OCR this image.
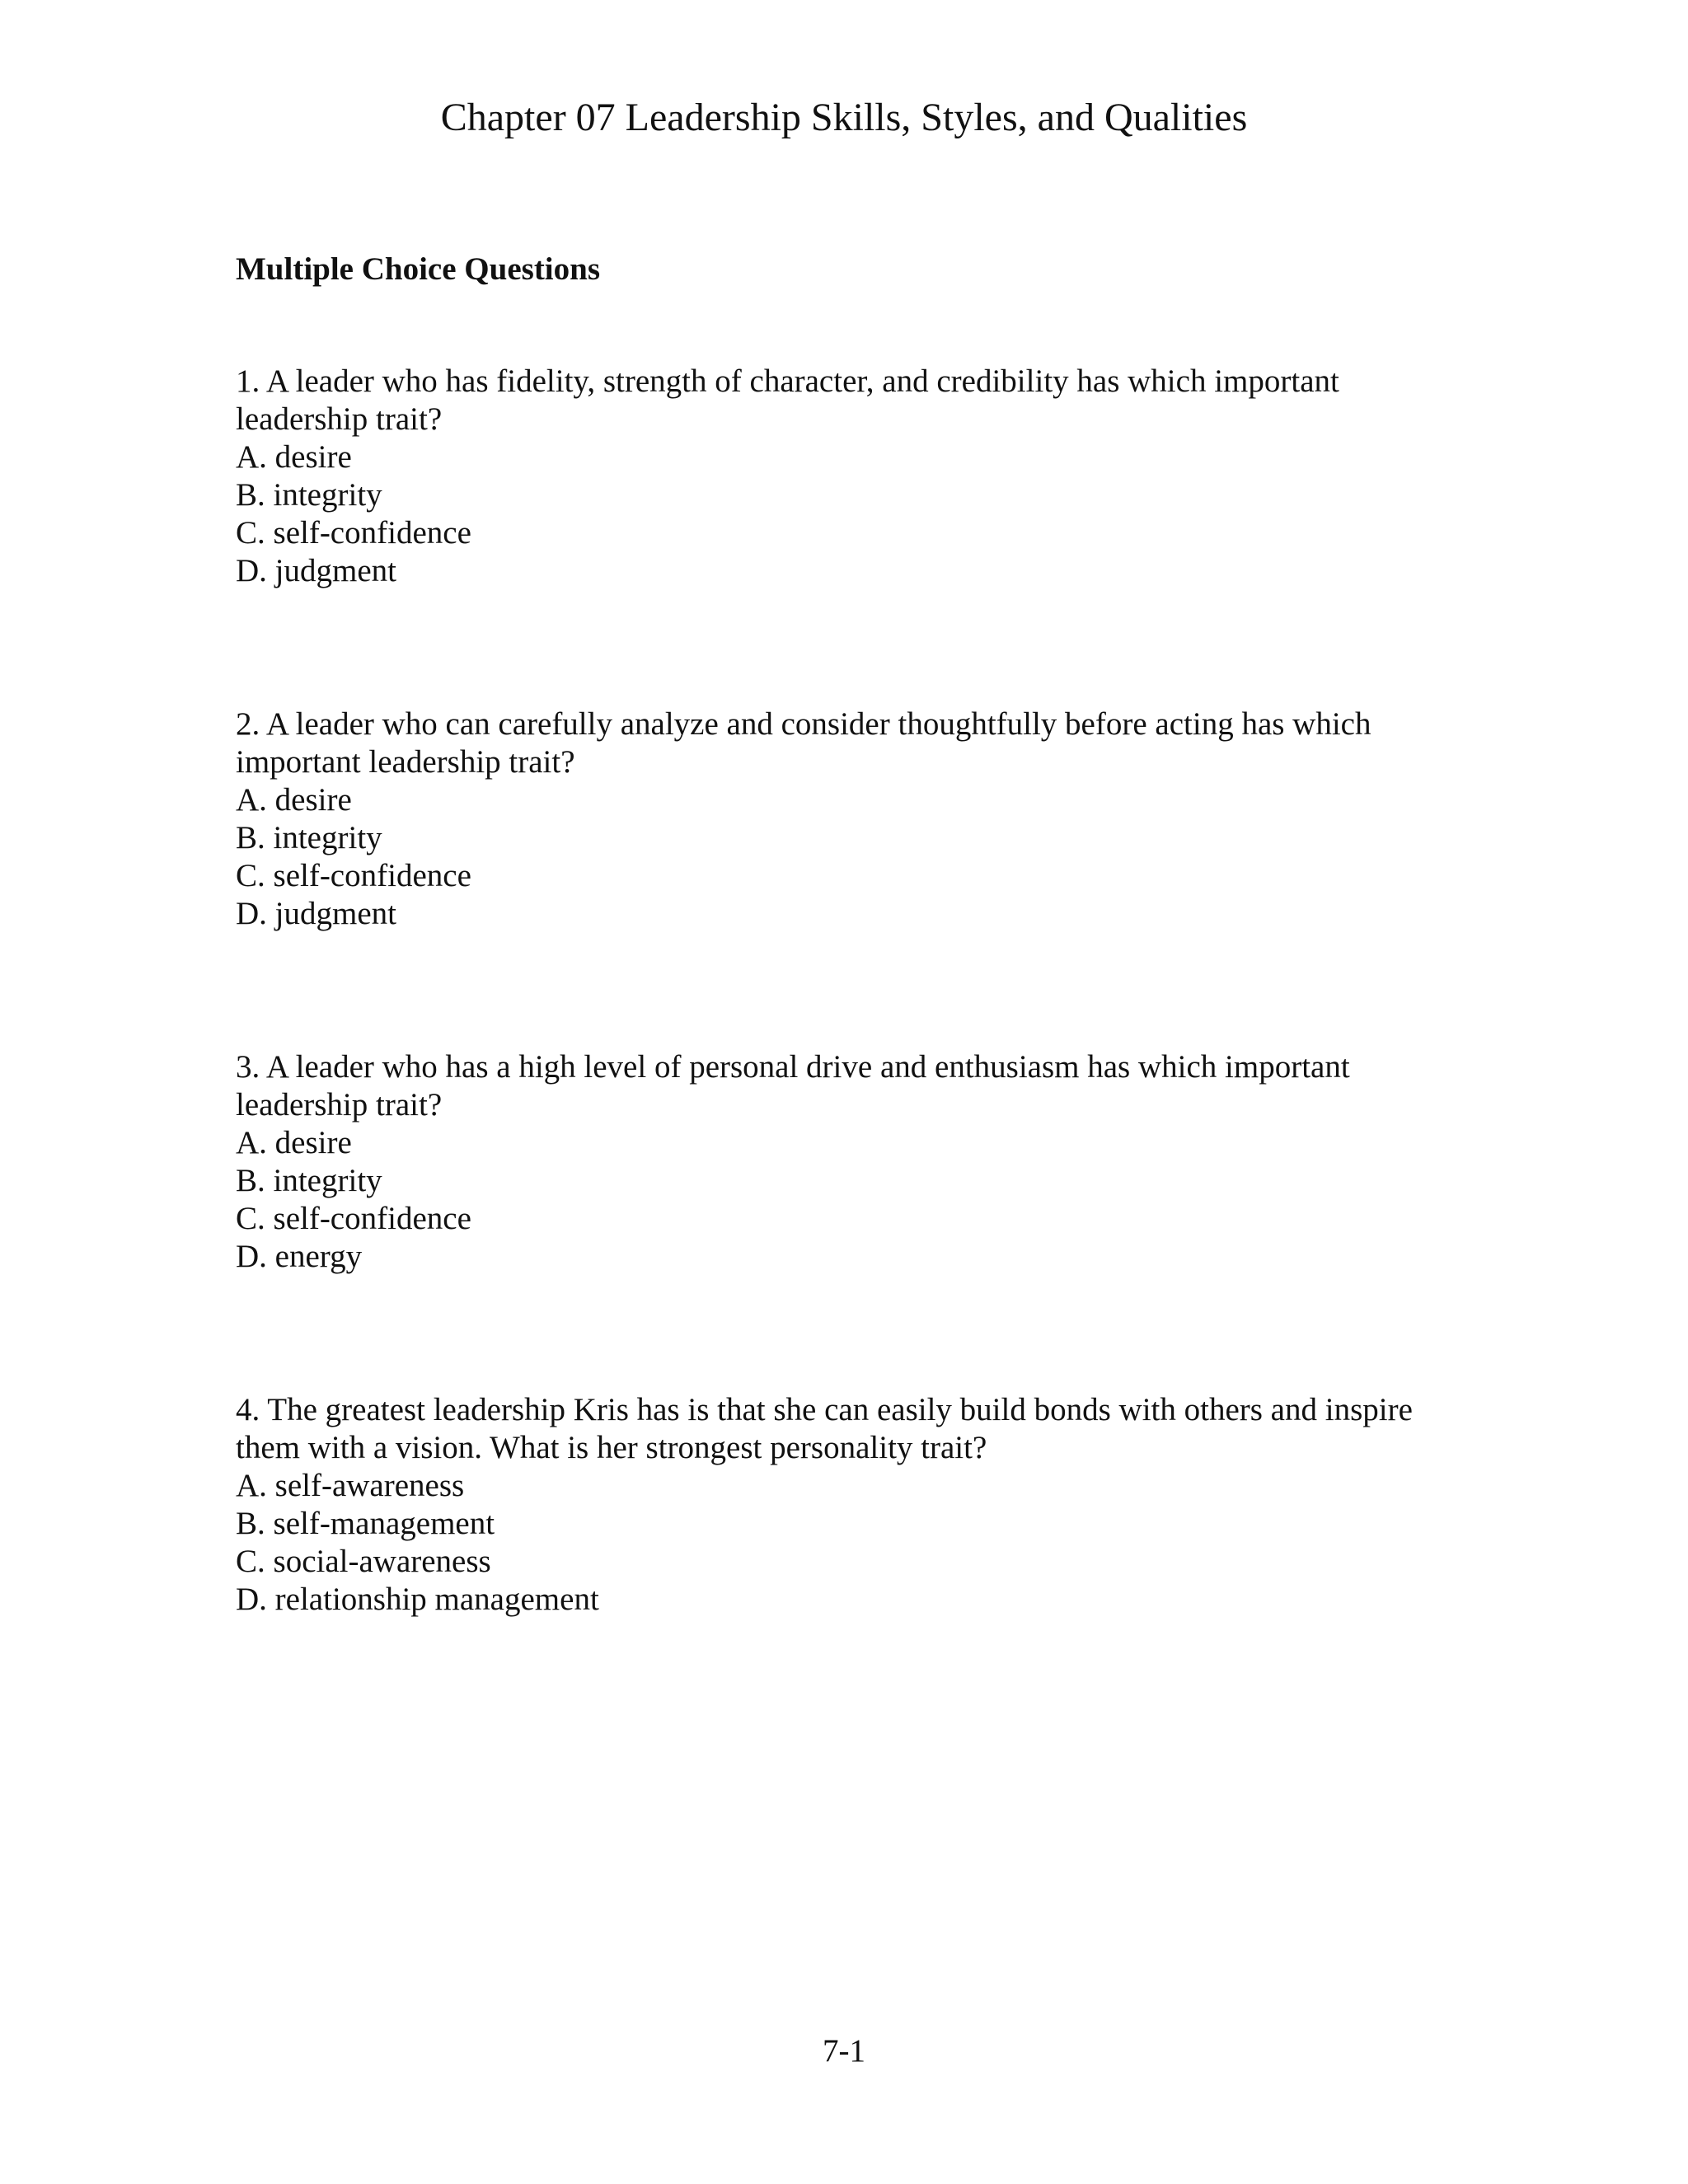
Chapter 07 Leadership Skills, Styles, and Qualities
Multiple Choice Questions
1. A leader who has fidelity, strength of character, and credibility has which important
leadership trait?
A. desire
B. integrity
C. self-confidence
D. judgment
2. A leader who can carefully analyze and consider thoughtfully before acting has which
important leadership trait?
A. desire
B. integrity
C. self-confidence
D. judgment
3. A leader who has a high level of personal drive and enthusiasm has which important
leadership trait?
A. desire
B. integrity
C. self-confidence
D. energy
4. The greatest leadership Kris has is that she can easily build bonds with others and inspire
them with a vision. What is her strongest personality trait?
A. self-awareness
B. self-management
C. social-awareness
D. relationship management
7-1
